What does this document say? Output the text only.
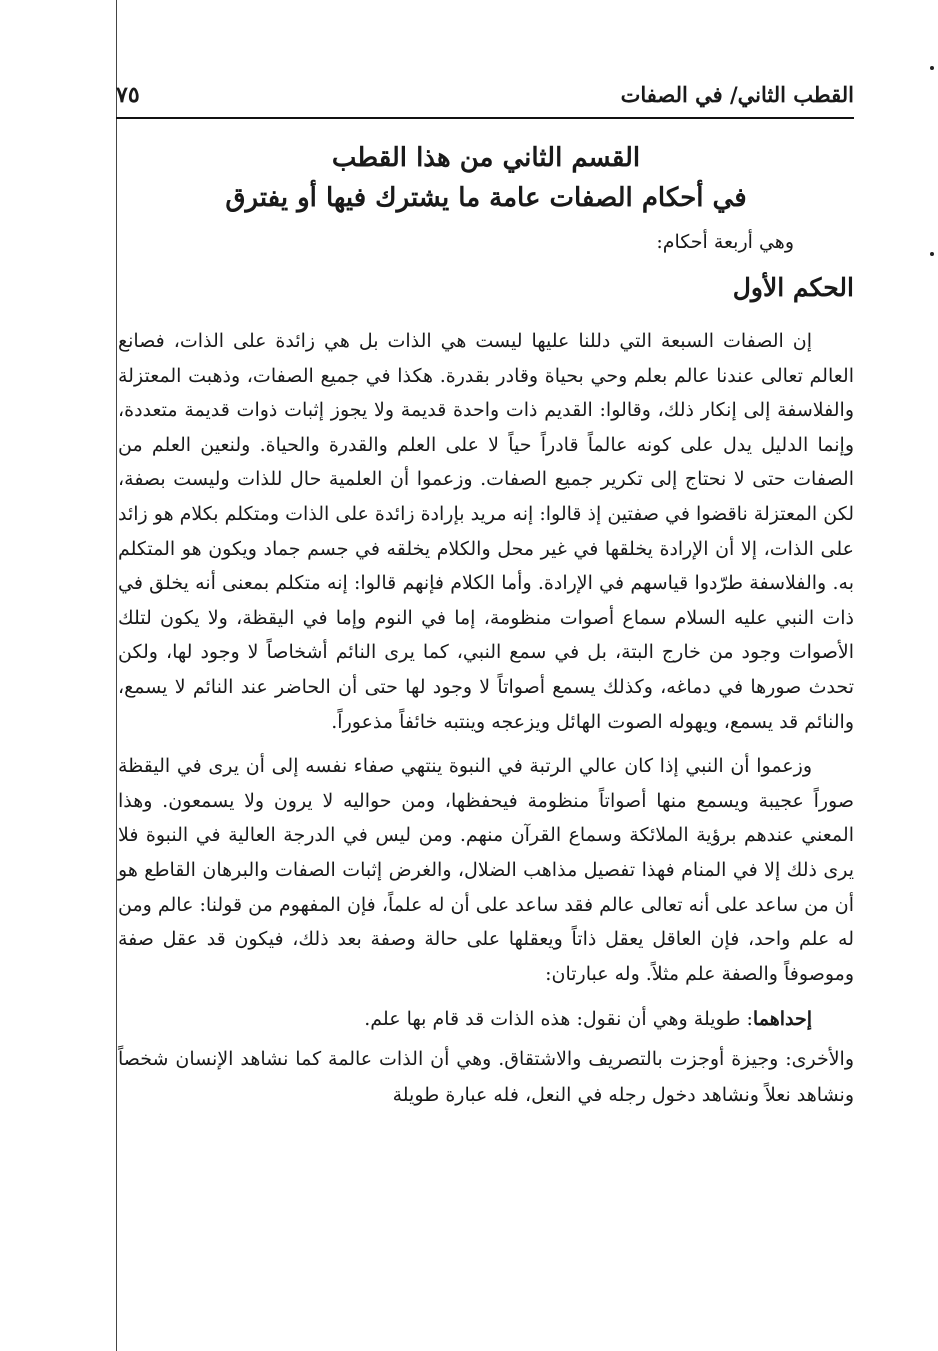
القطب الثاني/ في الصفات
٧٥
القسم الثاني من هذا القطب
في أحكام الصفات عامة ما يشترك فيها أو يفترق

وهي أربعة أحكام:

الحكم الأول

إن الصفات السبعة التي دللنا عليها ليست هي الذات بل هي زائدة على الذات، فصانع العالم تعالى عندنا عالم بعلم وحي بحياة وقادر بقدرة. هكذا في جميع الصفات، وذهبت المعتزلة والفلاسفة إلى إنكار ذلك، وقالوا: القديم ذات واحدة قديمة ولا يجوز إثبات ذوات قديمة متعددة، وإنما الدليل يدل على كونه عالماً قادراً حياً لا على العلم والقدرة والحياة. ولنعين العلم من الصفات حتى لا نحتاج إلى تكرير جميع الصفات. وزعموا أن العلمية حال للذات وليست بصفة، لكن المعتزلة ناقضوا في صفتين إذ قالوا: إنه مريد بإرادة زائدة على الذات ومتكلم بكلام هو زائد على الذات، إلا أن الإرادة يخلقها في غير محل والكلام يخلقه في جسم جماد ويكون هو المتكلم به. والفلاسفة طرّدوا قياسهم في الإرادة. وأما الكلام فإنهم قالوا: إنه متكلم بمعنى أنه يخلق في ذات النبي عليه السلام سماع أصوات منظومة، إما في النوم وإما في اليقظة، ولا يكون لتلك الأصوات وجود من خارج البتة، بل في سمع النبي، كما يرى النائم أشخاصاً لا وجود لها، ولكن تحدث صورها في دماغه، وكذلك يسمع أصواتاً لا وجود لها حتى أن الحاضر عند النائم لا يسمع، والنائم قد يسمع، ويهوله الصوت الهائل ويزعجه وينتبه خائفاً مذعوراً.

وزعموا أن النبي إذا كان عالي الرتبة في النبوة ينتهي صفاء نفسه إلى أن يرى في اليقظة صوراً عجيبة ويسمع منها أصواتاً منظومة فيحفظها، ومن حواليه لا يرون ولا يسمعون. وهذا المعني عندهم برؤية الملائكة وسماع القرآن منهم. ومن ليس في الدرجة العالية في النبوة فلا يرى ذلك إلا في المنام فهذا تفصيل مذاهب الضلال، والغرض إثبات الصفات والبرهان القاطع هو أن من ساعد على أنه تعالى عالم فقد ساعد على أن له علماً، فإن المفهوم من قولنا: عالم ومن له علم واحد، فإن العاقل يعقل ذاتاً ويعقلها على حالة وصفة بعد ذلك، فيكون قد عقل صفة وموصوفاً والصفة علم مثلاً. وله عبارتان:

إحداهما: طويلة وهي أن نقول: هذه الذات قد قام بها علم.

والأخرى: وجيزة أوجزت بالتصريف والاشتقاق. وهي أن الذات عالمة كما نشاهد الإنسان شخصاً ونشاهد نعلاً ونشاهد دخول رجله في النعل، فله عبارة طويلة
